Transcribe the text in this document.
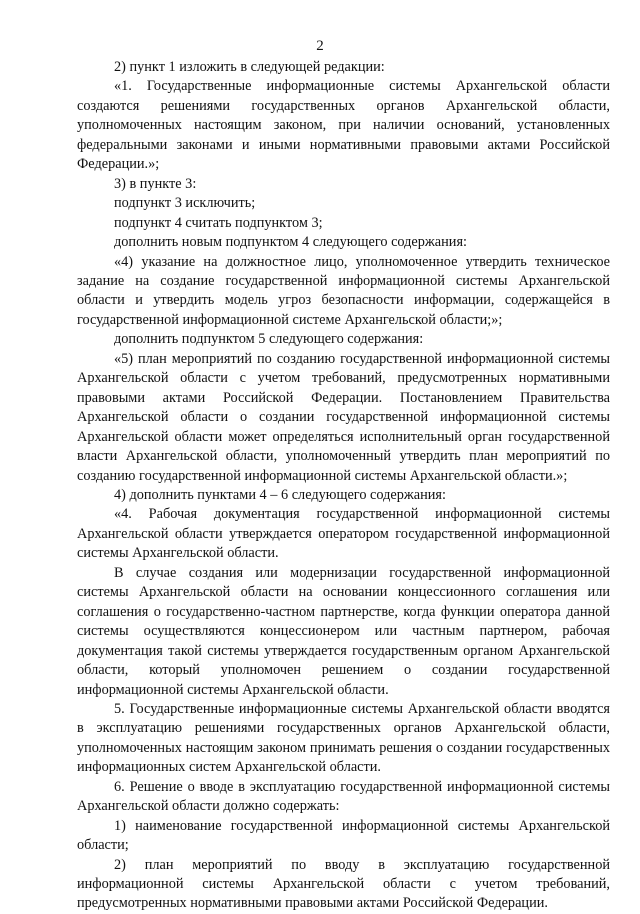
2

2) пункт 1 изложить в следующей редакции:

«1. Государственные информационные системы Архангельской области создаются решениями государственных органов Архангельской области, уполномоченных настоящим законом, при наличии оснований, установленных федеральными законами и иными нормативными правовыми актами Российской Федерации.»;

3) в пункте 3:

подпункт 3 исключить;

подпункт 4 считать подпунктом 3;

дополнить новым подпунктом 4 следующего содержания:

«4) указание на должностное лицо, уполномоченное утвердить техническое задание на создание государственной информационной системы Архангельской области и утвердить модель угроз безопасности информации, содержащейся в государственной информационной системе Архангельской области;»;

дополнить подпунктом 5 следующего содержания:

«5) план мероприятий по созданию государственной информационной системы Архангельской области с учетом требований, предусмотренных нормативными правовыми актами Российской Федерации. Постановлением Правительства Архангельской области о создании государственной информационной системы Архангельской области может определяться исполнительный орган государственной власти Архангельской области, уполномоченный утвердить план мероприятий по созданию государственной информационной системы Архангельской области.»;

4) дополнить пунктами 4 – 6 следующего содержания:

«4. Рабочая документация государственной информационной системы Архангельской области утверждается оператором государственной информационной системы Архангельской области.

В случае создания или модернизации государственной информационной системы Архангельской области на основании концессионного соглашения или соглашения о государственно-частном партнерстве, когда функции оператора данной системы осуществляются концессионером или частным партнером, рабочая документация такой системы утверждается государственным органом Архангельской области, который уполномочен решением о создании государственной информационной системы Архангельской области.

5. Государственные информационные системы Архангельской области вводятся в эксплуатацию решениями государственных органов Архангельской области, уполномоченных настоящим законом принимать решения о создании государственных информационных систем Архангельской области.

6. Решение о вводе в эксплуатацию государственной информационной системы Архангельской области должно содержать:

1) наименование государственной информационной системы Архангельской области;

2) план мероприятий по вводу в эксплуатацию государственной информационной системы Архангельской области с учетом требований, предусмотренных нормативными правовыми актами Российской Федерации.
